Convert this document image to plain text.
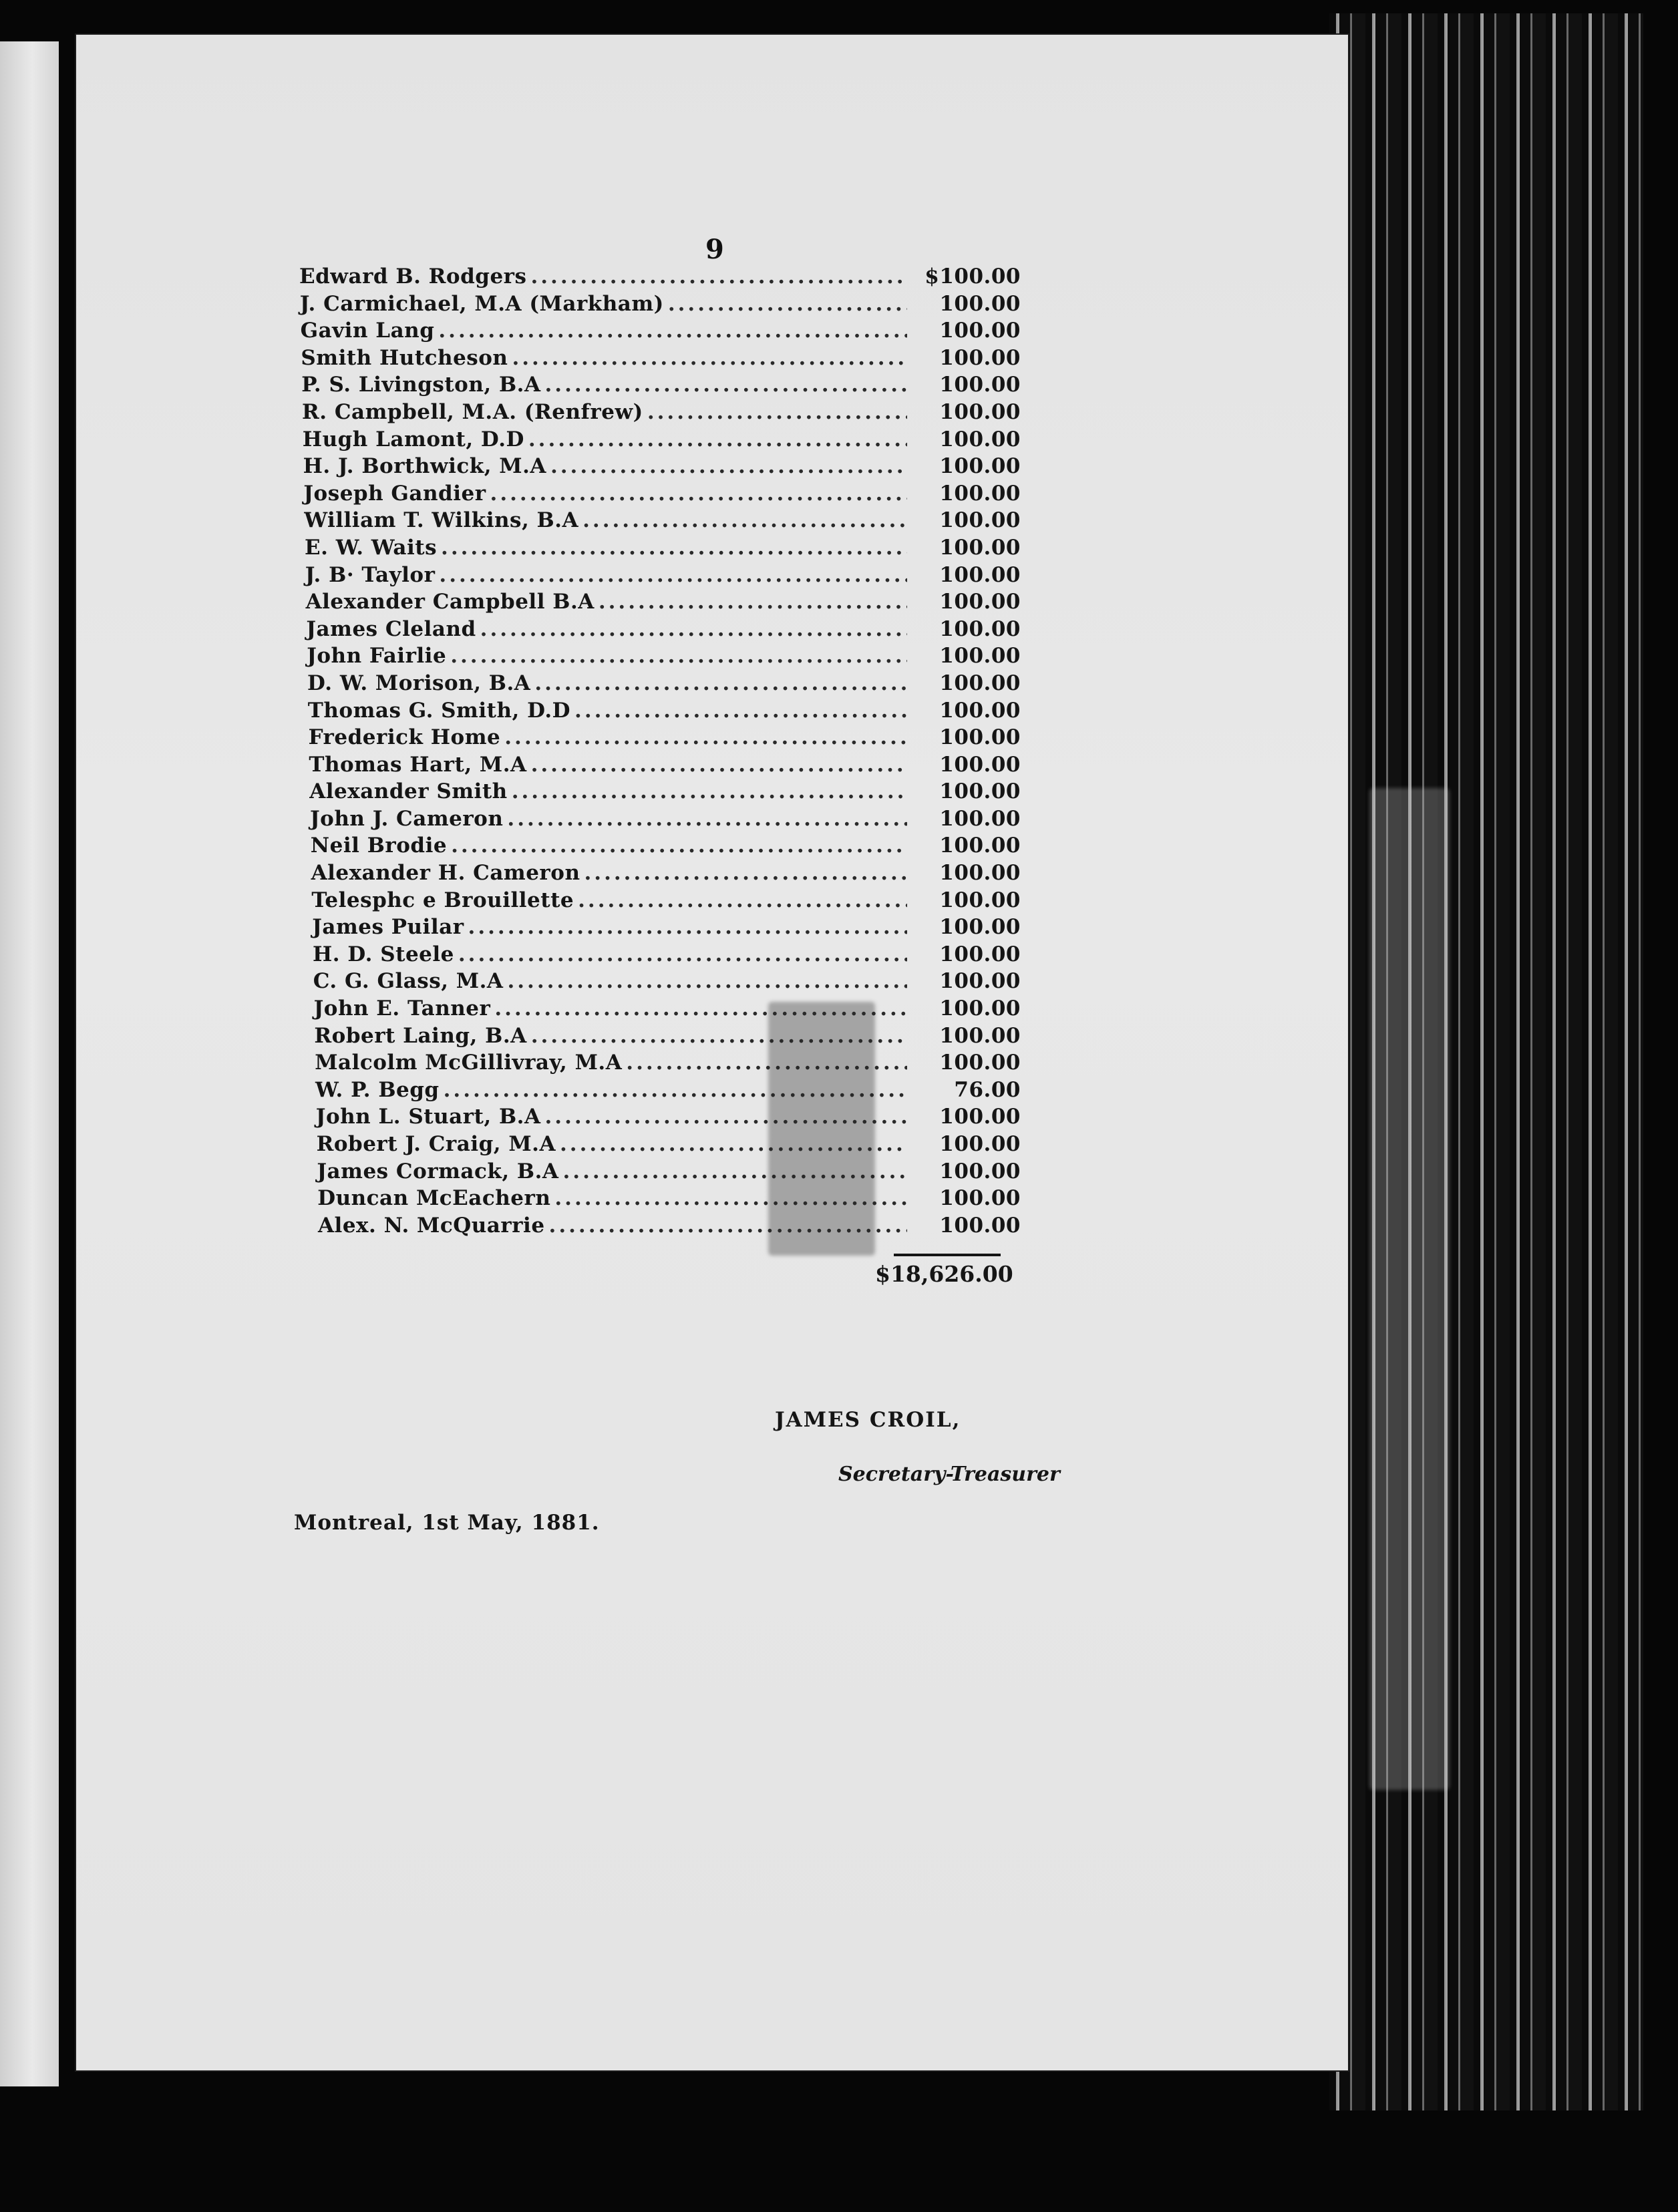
9
Edward B. Rodgers .....	$100.00
J. Carmichael, M.A (Markham) .....	100.00
Gavin Lang .....	100.00
Smith Hutcheson .....	100.00
P. S. Livingston, B.A .....	100.00
R. Campbell, M.A. (Renfrew) .....	100.00
Hugh Lamont, D.D .....	100.00
H. J. Borthwick, M.A .....	100.00
Joseph Gandier .....	100.00
William T. Wilkins, B.A .....	100.00
E. W. Waits .....	100.00
J. B· Taylor .....	100.00
Alexander Campbell B.A .....	100.00
James Cleland .....	100.00
John Fairlie .....	100.00
D. W. Morison, B.A .....	100.00
Thomas G. Smith, D.D .....	100.00
Frederick Home .....	100.00
Thomas Hart, M.A .....	100.00
Alexander Smith .....	100.00
John J. Cameron .....	100.00
Neil Brodie .....	100.00
Alexander H. Cameron .....	100.00
Telesphc e Brouillette .....	100.00
James Puilar .....	100.00
H. D. Steele .....	100.00
C. G. Glass, M.A .....	100.00
John E. Tanner .....	100.00
Robert Laing, B.A .....	100.00
Malcolm McGillivray, M.A .....	100.00
W. P. Begg .....	76.00
John L. Stuart, B.A .....	100.00
Robert J. Craig, M.A .....	100.00
James Cormack, B.A .....	100.00
Duncan McEachern .....	100.00
Alex. N. McQuarrie .....	100.00
$18,626.00
JAMES CROIL,
Secretary-Treasurer
Montreal, 1st May, 1881.
